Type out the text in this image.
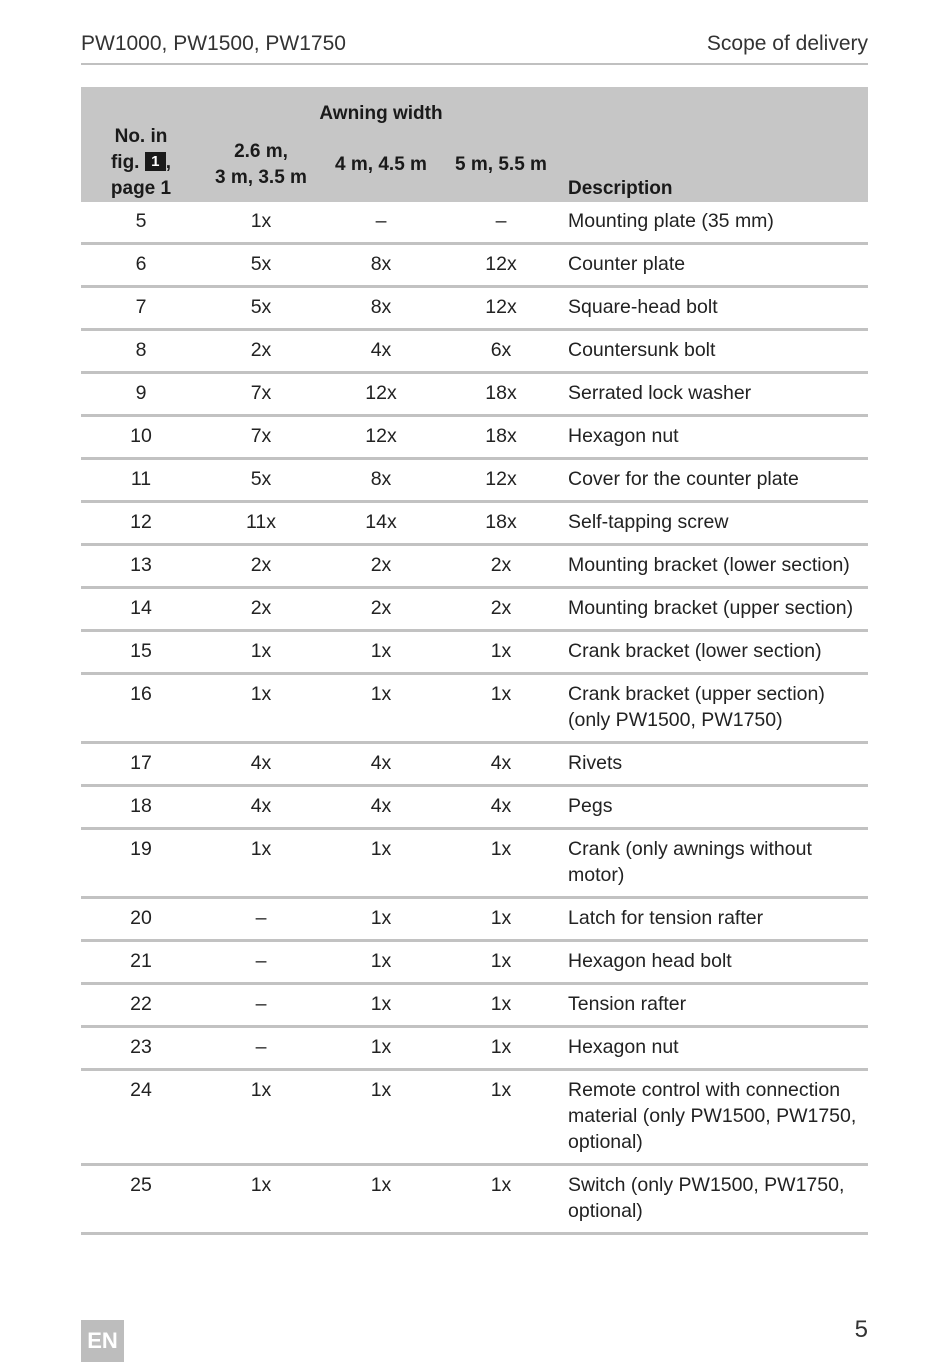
PW1000, PW1500, PW1750	Scope of delivery
No. in
fig. 1 ,
page 1	Awning width			Description
	2.6 m,
3 m, 3.5 m	4 m, 4.5 m	5 m, 5.5 m	
5	1x	–	–	Mounting plate (35 mm)
6	5x	8x	12x	Counter plate
7	5x	8x	12x	Square-head bolt
8	2x	4x	6x	Countersunk bolt
9	7x	12x	18x	Serrated lock washer
10	7x	12x	18x	Hexagon nut
11	5x	8x	12x	Cover for the counter plate
12	11x	14x	18x	Self-tapping screw
13	2x	2x	2x	Mounting bracket (lower section)
14	2x	2x	2x	Mounting bracket (upper section)
15	1x	1x	1x	Crank bracket (lower section)
16	1x	1x	1x	Crank bracket (upper section) (only PW1500, PW1750)
17	4x	4x	4x	Rivets
18	4x	4x	4x	Pegs
19	1x	1x	1x	Crank (only awnings without motor)
20	–	1x	1x	Latch for tension rafter
21	–	1x	1x	Hexagon head bolt
22	–	1x	1x	Tension rafter
23	–	1x	1x	Hexagon nut
24	1x	1x	1x	Remote control with connection material (only PW1500, PW1750, optional)
25	1x	1x	1x	Switch (only PW1500, PW1750, optional)
EN	5
